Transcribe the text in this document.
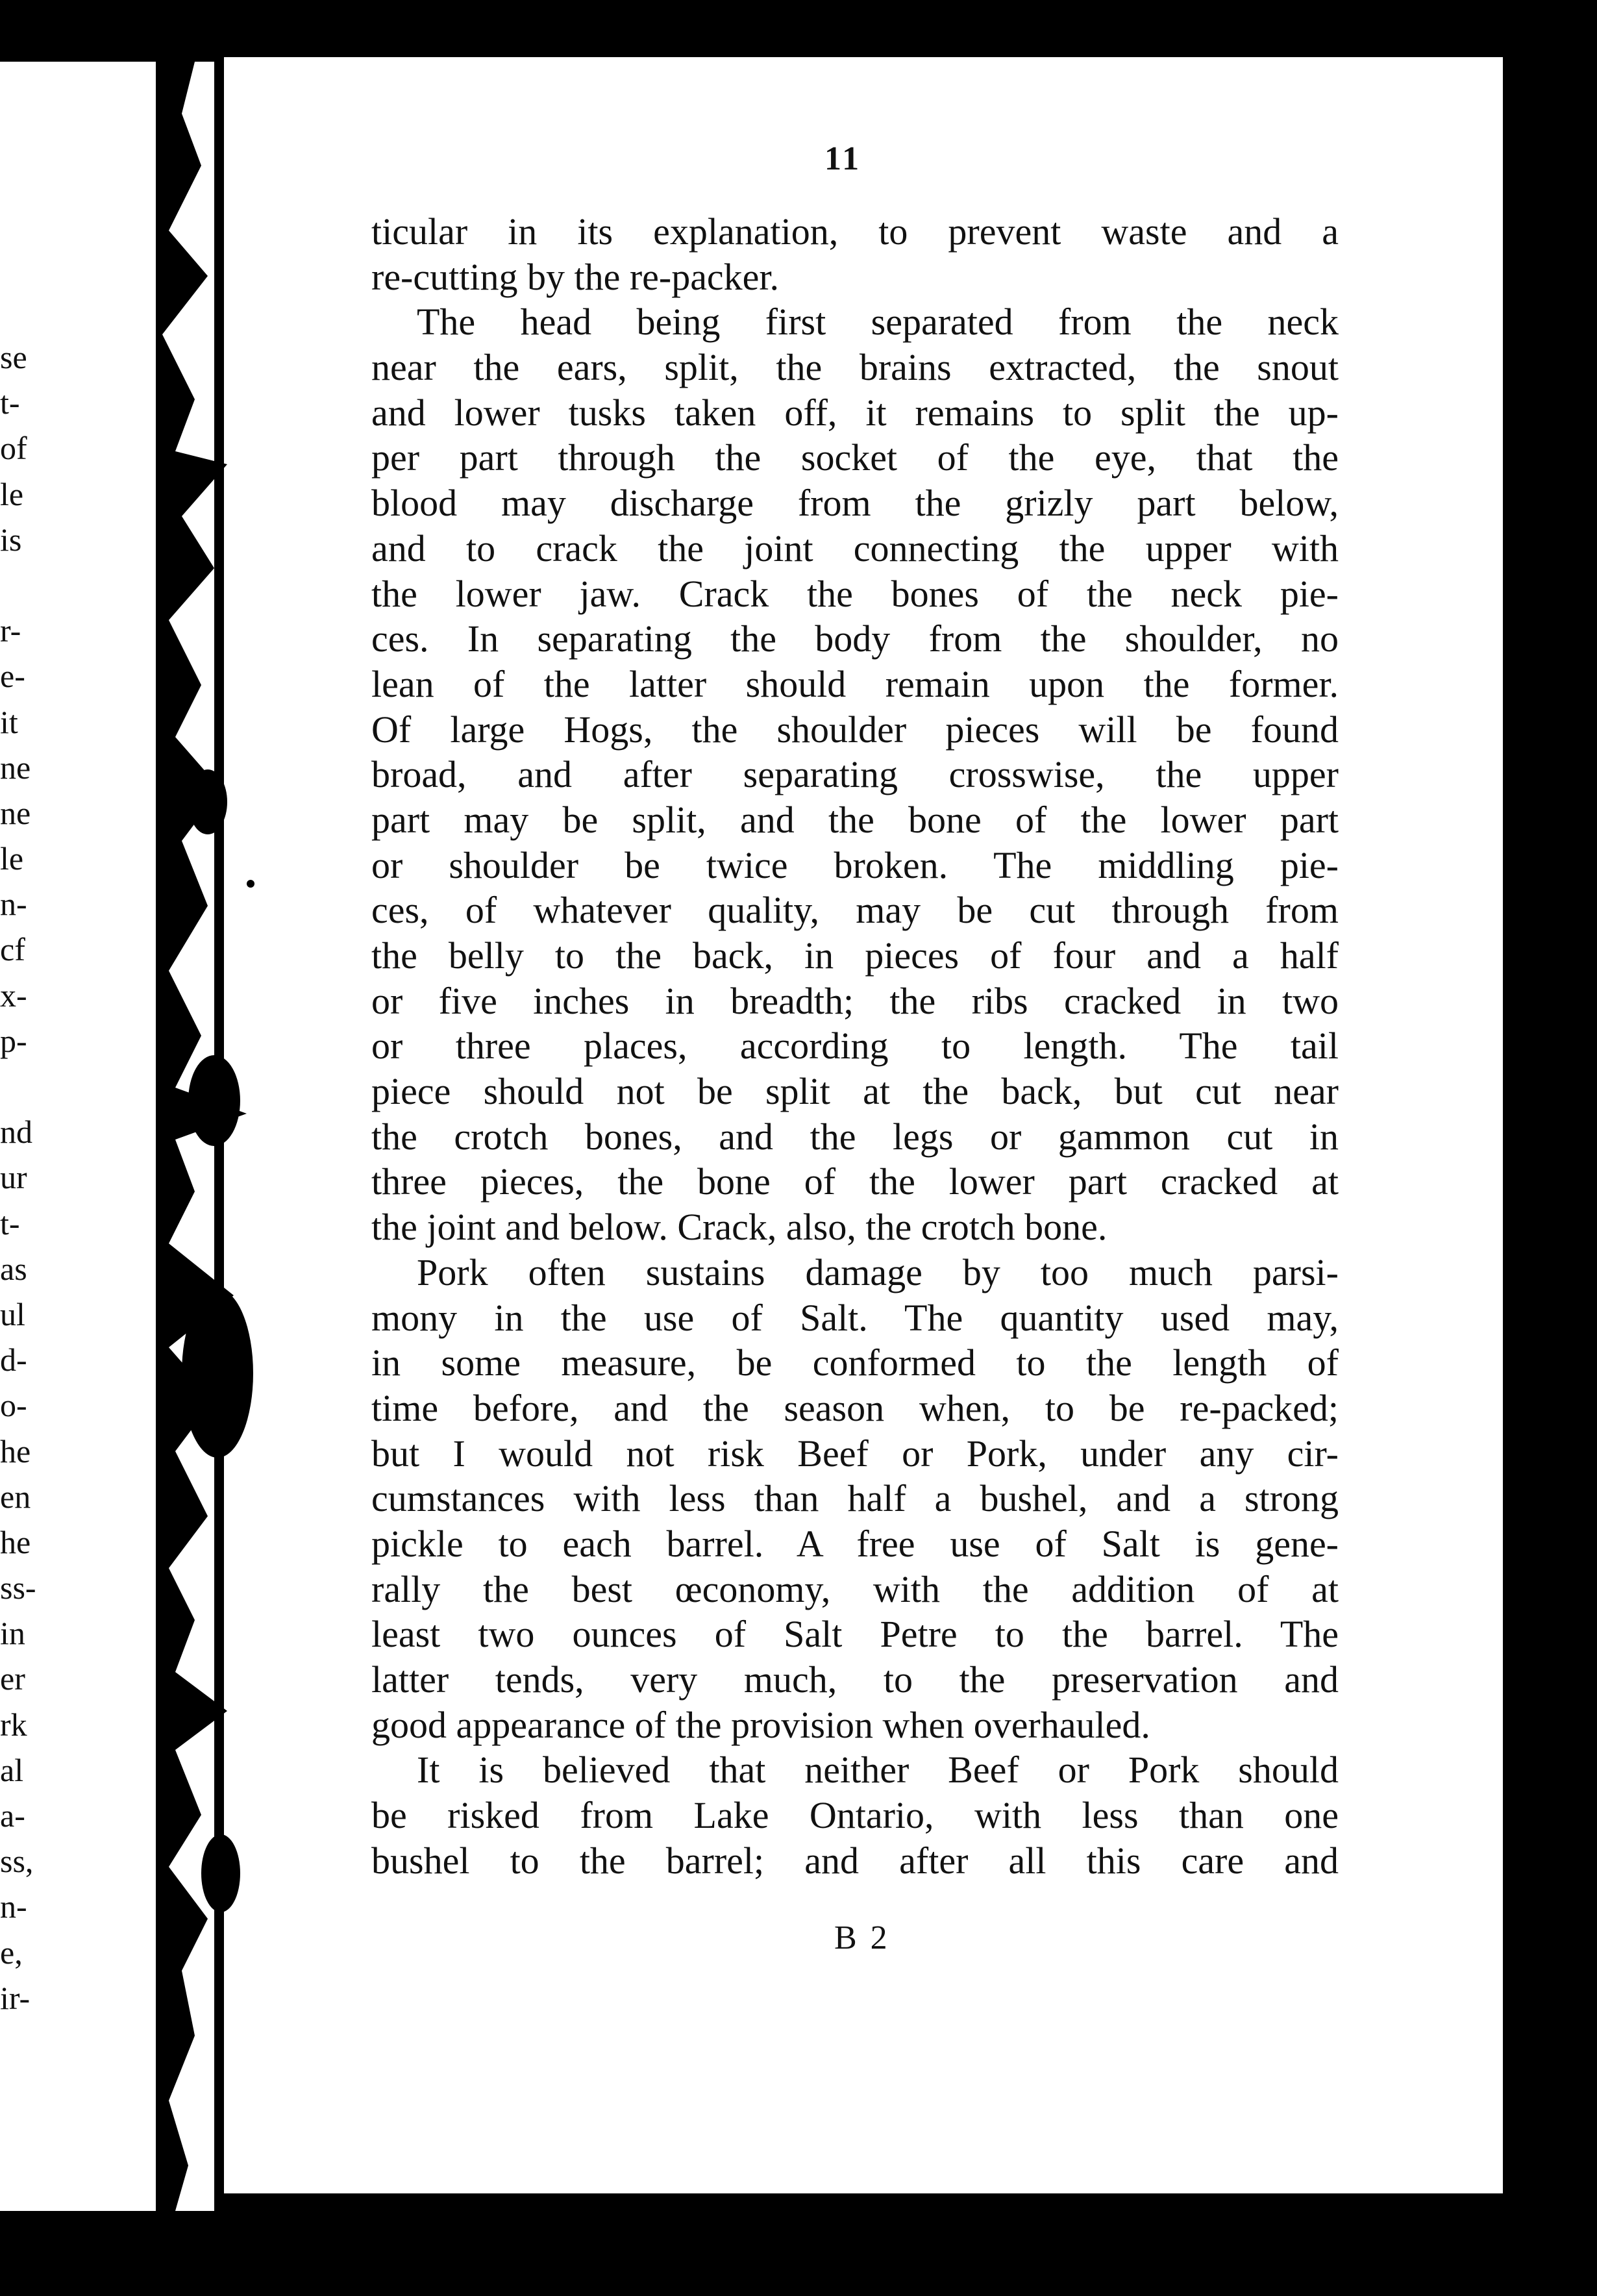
se
t-
of
le
is
r-
e-
it
ne
ne
le
n-
cf
x-
p-
nd
ur
t-
as
ul
d-
o-
he
en
he
ss-
in
er
rk
al
a-
ss,
n-
e,
ir-
11
ticular in its explanation, to prevent waste and a
re-cutting by the re-packer.
The head being first separated from the neck
near the ears, split, the brains extracted, the snout
and lower tusks taken off, it remains to split the up-
per part through the socket of the eye, that the
blood may discharge from the grizly part below,
and to crack the joint connecting the upper with
the lower jaw. Crack the bones of the neck pie-
ces. In separating the body from the shoulder, no
lean of the latter should remain upon the former.
Of large Hogs, the shoulder pieces will be found
broad, and after separating crosswise, the upper
part may be split, and the bone of the lower part
or shoulder be twice broken. The middling pie-
ces, of whatever quality, may be cut through from
the belly to the back, in pieces of four and a half
or five inches in breadth; the ribs cracked in two
or three places, according to length. The tail
piece should not be split at the back, but cut near
the crotch bones, and the legs or gammon cut in
three pieces, the bone of the lower part cracked at
the joint and below. Crack, also, the crotch bone.
Pork often sustains damage by too much parsi-
mony in the use of Salt. The quantity used may,
in some measure, be conformed to the length of
time before, and the season when, to be re-packed;
but I would not risk Beef or Pork, under any cir-
cumstances with less than half a bushel, and a strong
pickle to each barrel. A free use of Salt is gene-
rally the best œconomy, with the addition of at
least two ounces of Salt Petre to the barrel. The
latter tends, very much, to the preservation and
good appearance of the provision when overhauled.
It is believed that neither Beef or Pork should
be risked from Lake Ontario, with less than one
bushel to the barrel; and after all this care and
B 2
